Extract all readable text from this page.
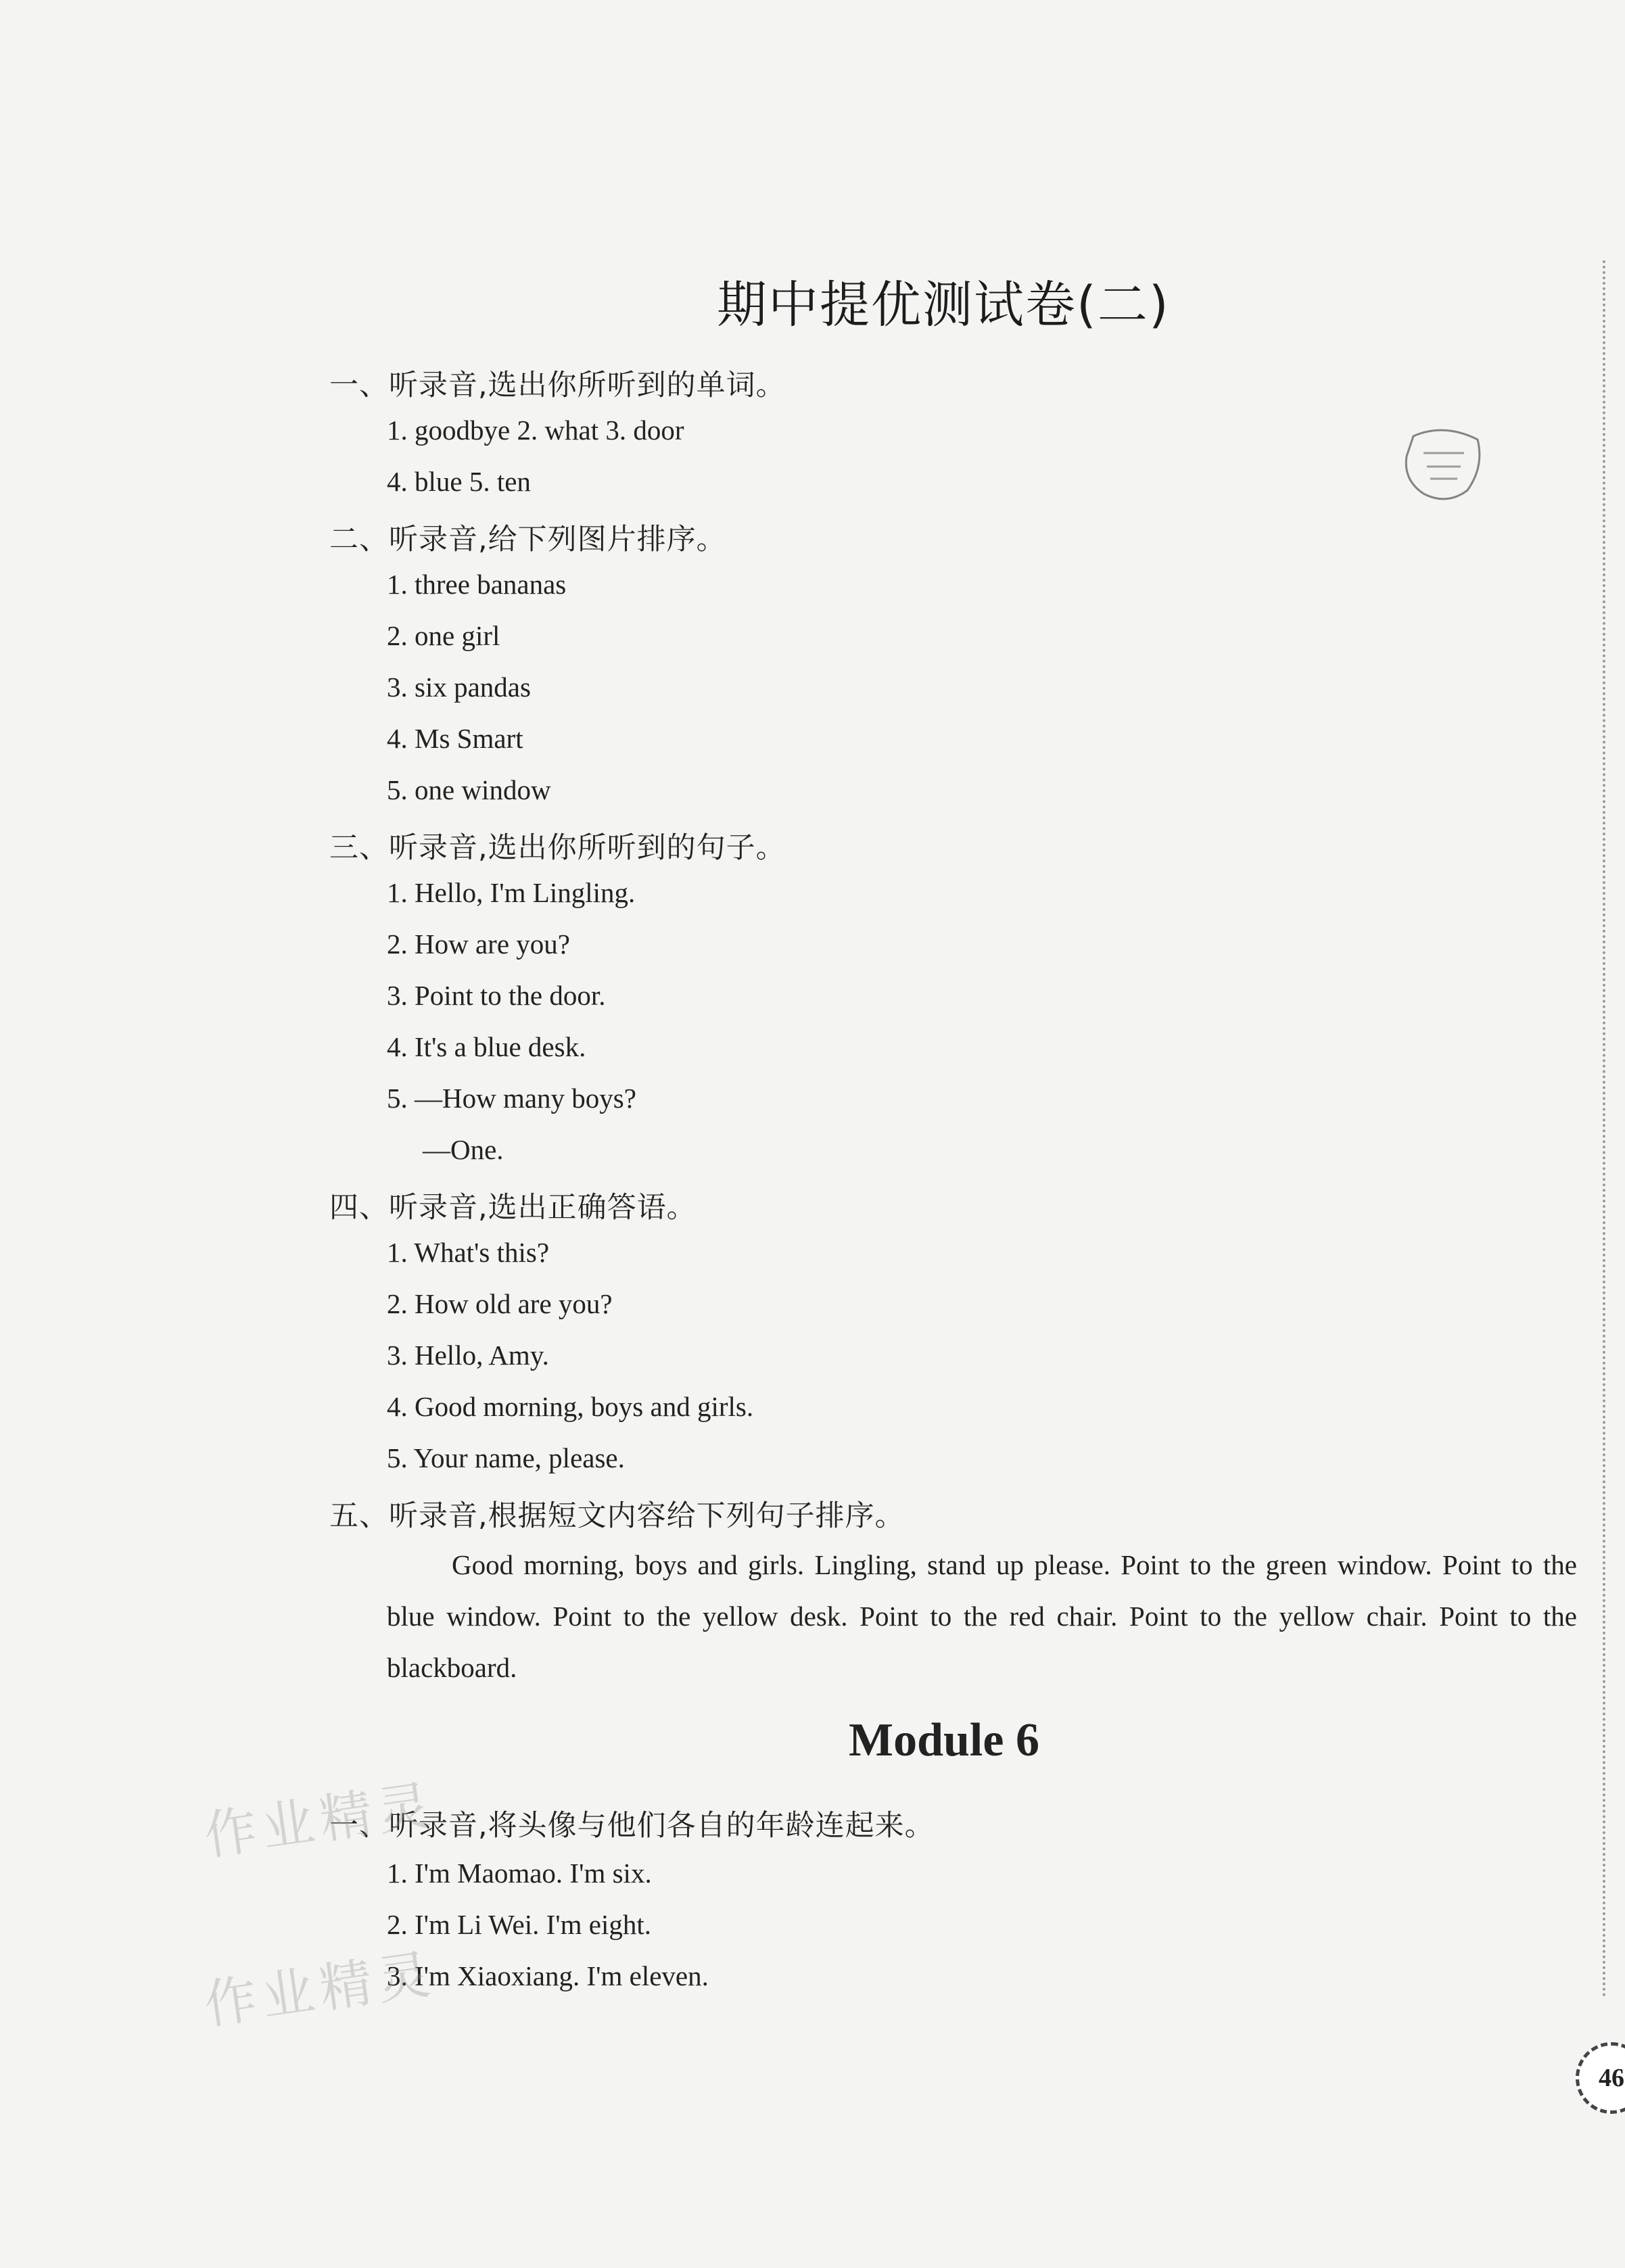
期中提优测试卷(二)
一、听录音,选出你所听到的单词。
1. goodbye 2. what 3. door
4. blue 5. ten
二、听录音,给下列图片排序。
1. three bananas
2. one girl
3. six pandas
4. Ms Smart
5. one window
三、听录音,选出你所听到的句子。
1. Hello, I'm Lingling.
2. How are you?
3. Point to the door.
4. It's a blue desk.
5. —How many boys?
—One.
四、听录音,选出正确答语。
1. What's this?
2. How old are you?
3. Hello, Amy.
4. Good morning, boys and girls.
5. Your name, please.
五、听录音,根据短文内容给下列句子排序。
Good morning, boys and girls. Lingling, stand up please. Point to the green window. Point to the blue window. Point to the yellow desk. Point to the red chair. Point to the yellow chair. Point to the blackboard.
Module 6
一、听录音,将头像与他们各自的年龄连起来。
1. I'm Maomao. I'm six.
2. I'm Li Wei. I'm eight.
3. I'm Xiaoxiang. I'm eleven.
作业精灵
作业精灵
46
